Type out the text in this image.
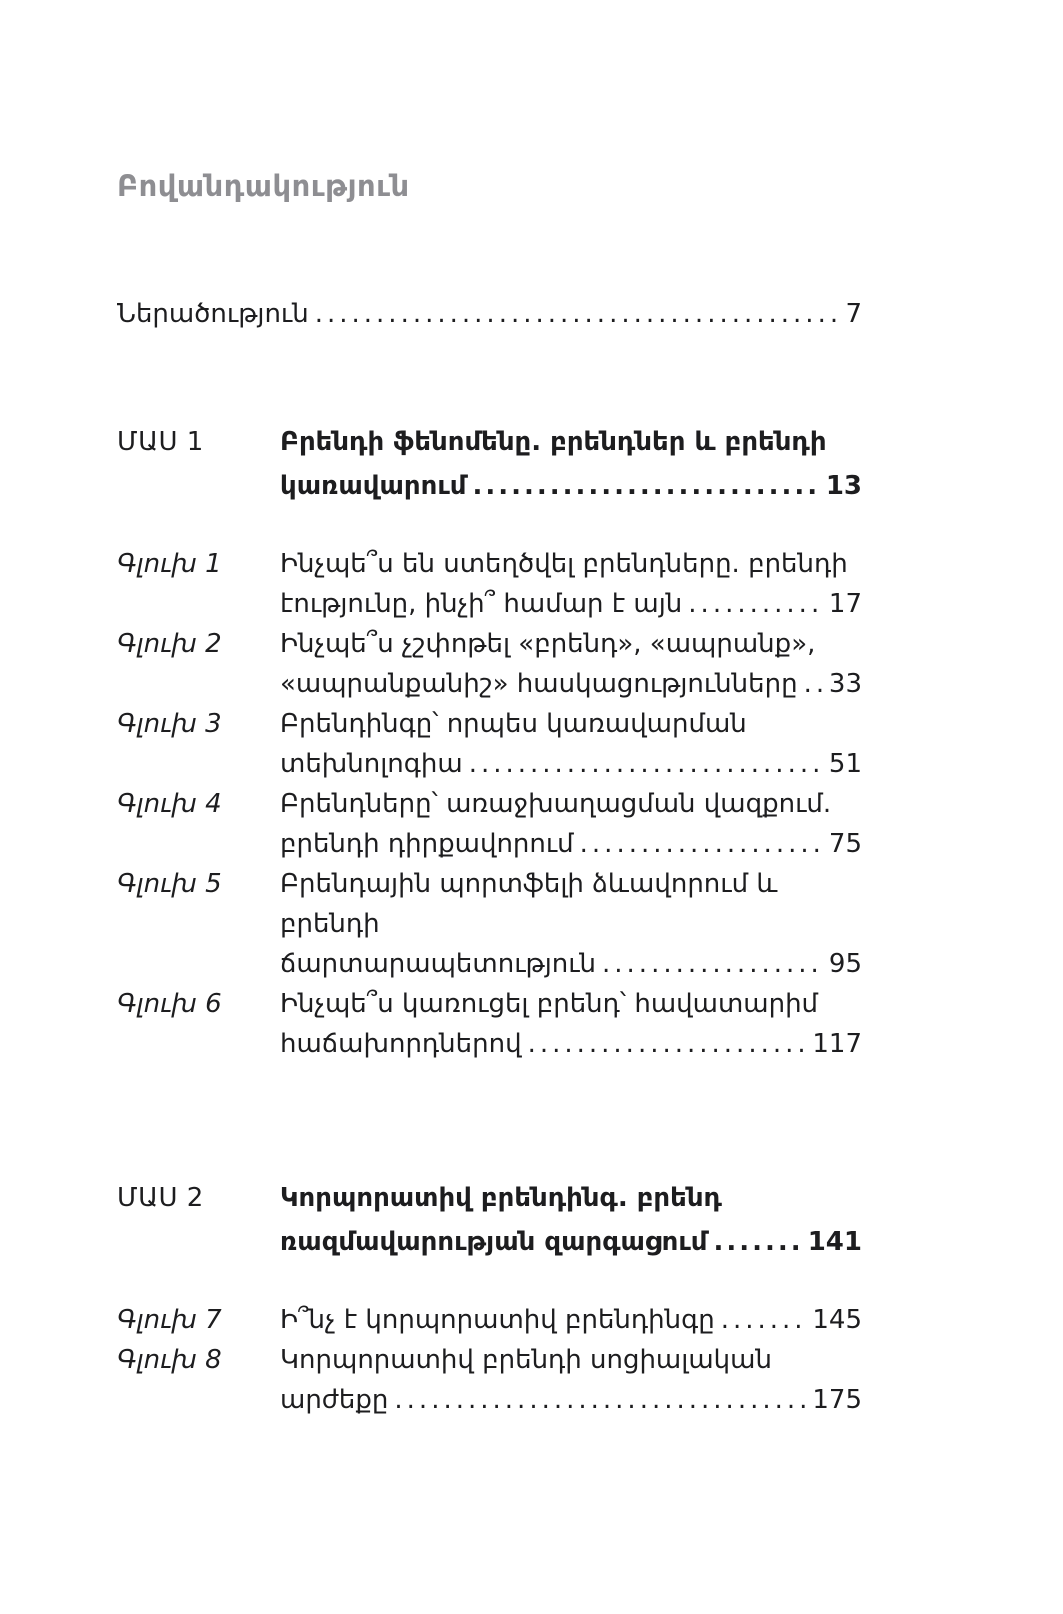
Բովանդակություն
Ներածություն .....	7
ՄԱՍ 1	Բրենդի ֆենոմենը. բրենդներ և բրենդի
կառավարում .....	13
Գլուխ 1	Ինչպե՞ս են ստեղծվել բրենդները. բրենդի
էությունը, ինչի՞ համար է այն .....	17
Գլուխ 2	Ինչպե՞ս չշփոթել «բրենդ», «ապրանք»,
«ապրանքանիշ» հասկացությունները ..... 33
Գլուխ 3	Բրենդինգը՝ որպես կառավարման
տեխնոլոգիա .....	51
Գլուխ 4	Բրենդները՝ առաջխաղացման վազքում.
բրենդի դիրքավորում .....	75
Գլուխ 5	Բրենդային պորտֆելի ձևավորում և բրենդի
ճարտարապետություն .....	95
Գլուխ 6	Ինչպե՞ս կառուցել բրենդ՝ հավատարիմ
հաճախորդներով .....	117
ՄԱՍ 2	Կորպորատիվ բրենդինգ. բրենդ
ռազմավարության զարգացում .....	141
Գլուխ 7	Ի՞նչ է կորպորատիվ բրենդինգը .....	145
Գլուխ 8	Կորպորատիվ բրենդի սոցիալական
արժեքը .....	175
